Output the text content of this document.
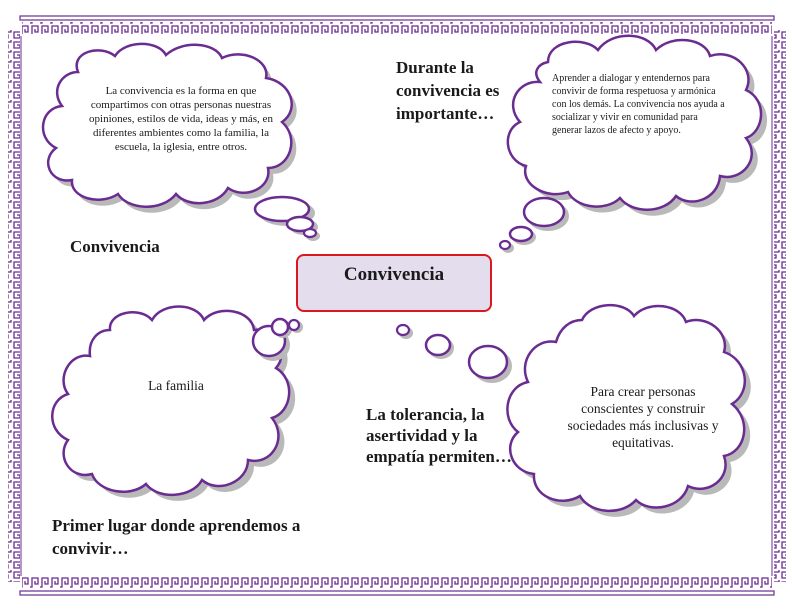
Convivencia

La convivencia es la forma en que compartimos con otras personas nuestras opiniones, estilos de vida, ideas y más, en diferentes ambientes como la familia, la escuela, la iglesia, entre otros.

Convivencia

Durante la convivencia es importante…

Aprender a dialogar y entendernos para convivir de forma respetuosa y armónica con los demás. La convivencia nos ayuda a socializar y vivir en comunidad para generar lazos de afecto y apoyo.

La familia

Primer lugar donde aprendemos a convivir…

La tolerancia, la asertividad y la empatía permiten…

Para crear personas conscientes y construir sociedades más inclusivas y equitativas.
